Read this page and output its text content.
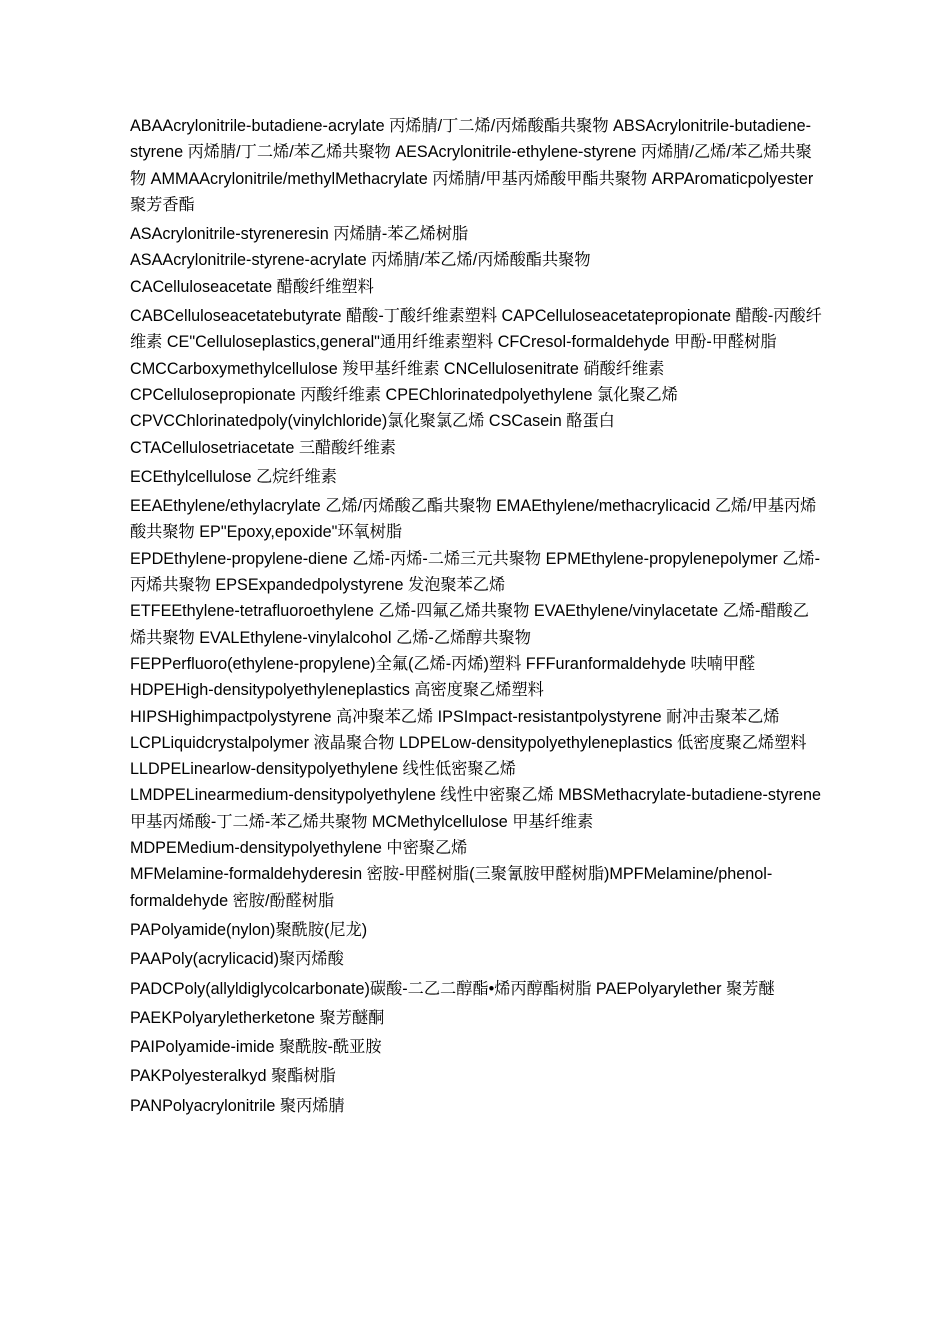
ABAAcrylonitrile-butadiene-acrylate 丙烯腈/丁二烯/丙烯酸酯共聚物 ABSAcrylonitrile-butadiene-styrene 丙烯腈/丁二烯/苯乙烯共聚物 AESAcrylonitrile-ethylene-styrene 丙烯腈/乙烯/苯乙烯共聚物 AMMAAcrylonitrile/methylMethacrylate 丙烯腈/甲基丙烯酸甲酯共聚物 ARPAromaticpolyester 聚芳香酯

ASAcrylonitrile-styreneresin 丙烯腈-苯乙烯树脂

ASAAcrylonitrile-styrene-acrylate 丙烯腈/苯乙烯/丙烯酸酯共聚物

CACelluloseacetate 醋酸纤维塑料

CABCelluloseacetatebutyrate 醋酸-丁酸纤维素塑料 CAPCelluloseacetatepropionate 醋酸-丙酸纤维素 CE"Celluloseplastics,general"通用纤维素塑料 CFCresol-formaldehyde 甲酚-甲醛树脂 CMCCarboxymethylcellulose 羧甲基纤维素 CNCellulosenitrate 硝酸纤维素 CPCellulosepropionate 丙酸纤维素 CPEChlorinatedpolyethylene 氯化聚乙烯 CPVCChlorinatedpoly(vinylchloride)氯化聚氯乙烯 CSCasein 酪蛋白

CTACellulosetriacetate 三醋酸纤维素

ECEthylcellulose 乙烷纤维素

EEAEthylene/ethylacrylate 乙烯/丙烯酸乙酯共聚物 EMAEthylene/methacrylicacid 乙烯/甲基丙烯酸共聚物 EP"Epoxy,epoxide"环氧树脂

EPDEthylene-propylene-diene 乙烯-丙烯-二烯三元共聚物 EPMEthylene-propylenepolymer 乙烯-丙烯共聚物 EPSExpandedpolystyrene 发泡聚苯乙烯

ETFEEthylene-tetrafluoroethylene 乙烯-四氟乙烯共聚物 EVAEthylene/vinylacetate 乙烯-醋酸乙烯共聚物 EVALEthylene-vinylalcohol 乙烯-乙烯醇共聚物

FEPPerfluoro(ethylene-propylene)全氟(乙烯-丙烯)塑料 FFFuranformaldehyde 呋喃甲醛

HDPEHigh-densitypolyethyleneplastics 高密度聚乙烯塑料

HIPSHighimpactpolystyrene 高冲聚苯乙烯 IPSImpact-resistantpolystyrene 耐冲击聚苯乙烯

LCPLiquidcrystalpolymer 液晶聚合物 LDPELow-densitypolyethyleneplastics 低密度聚乙烯塑料 LLDPELinearlow-densitypolyethylene 线性低密聚乙烯

LMDPELinearmedium-densitypolyethylene 线性中密聚乙烯 MBSMethacrylate-butadiene-styrene 甲基丙烯酸-丁二烯-苯乙烯共聚物 MCMethylcellulose 甲基纤维素

MDPEMedium-densitypolyethylene 中密聚乙烯

MFMelamine-formaldehyderesin 密胺-甲醛树脂(三聚氰胺甲醛树脂)MPFMelamine/phenol-formaldehyde 密胺/酚醛树脂

PAPolyamide(nylon)聚酰胺(尼龙)

PAAPoly(acrylicacid)聚丙烯酸

PADCPoly(allyldiglycolcarbonate)碳酸-二乙二醇酯•烯丙醇酯树脂 PAEPolyarylether 聚芳醚

PAEKPolyaryletherketone 聚芳醚酮

PAIPolyamide-imide 聚酰胺-酰亚胺

PAKPolyesteralkyd 聚酯树脂

PANPolyacrylonitrile 聚丙烯腈
